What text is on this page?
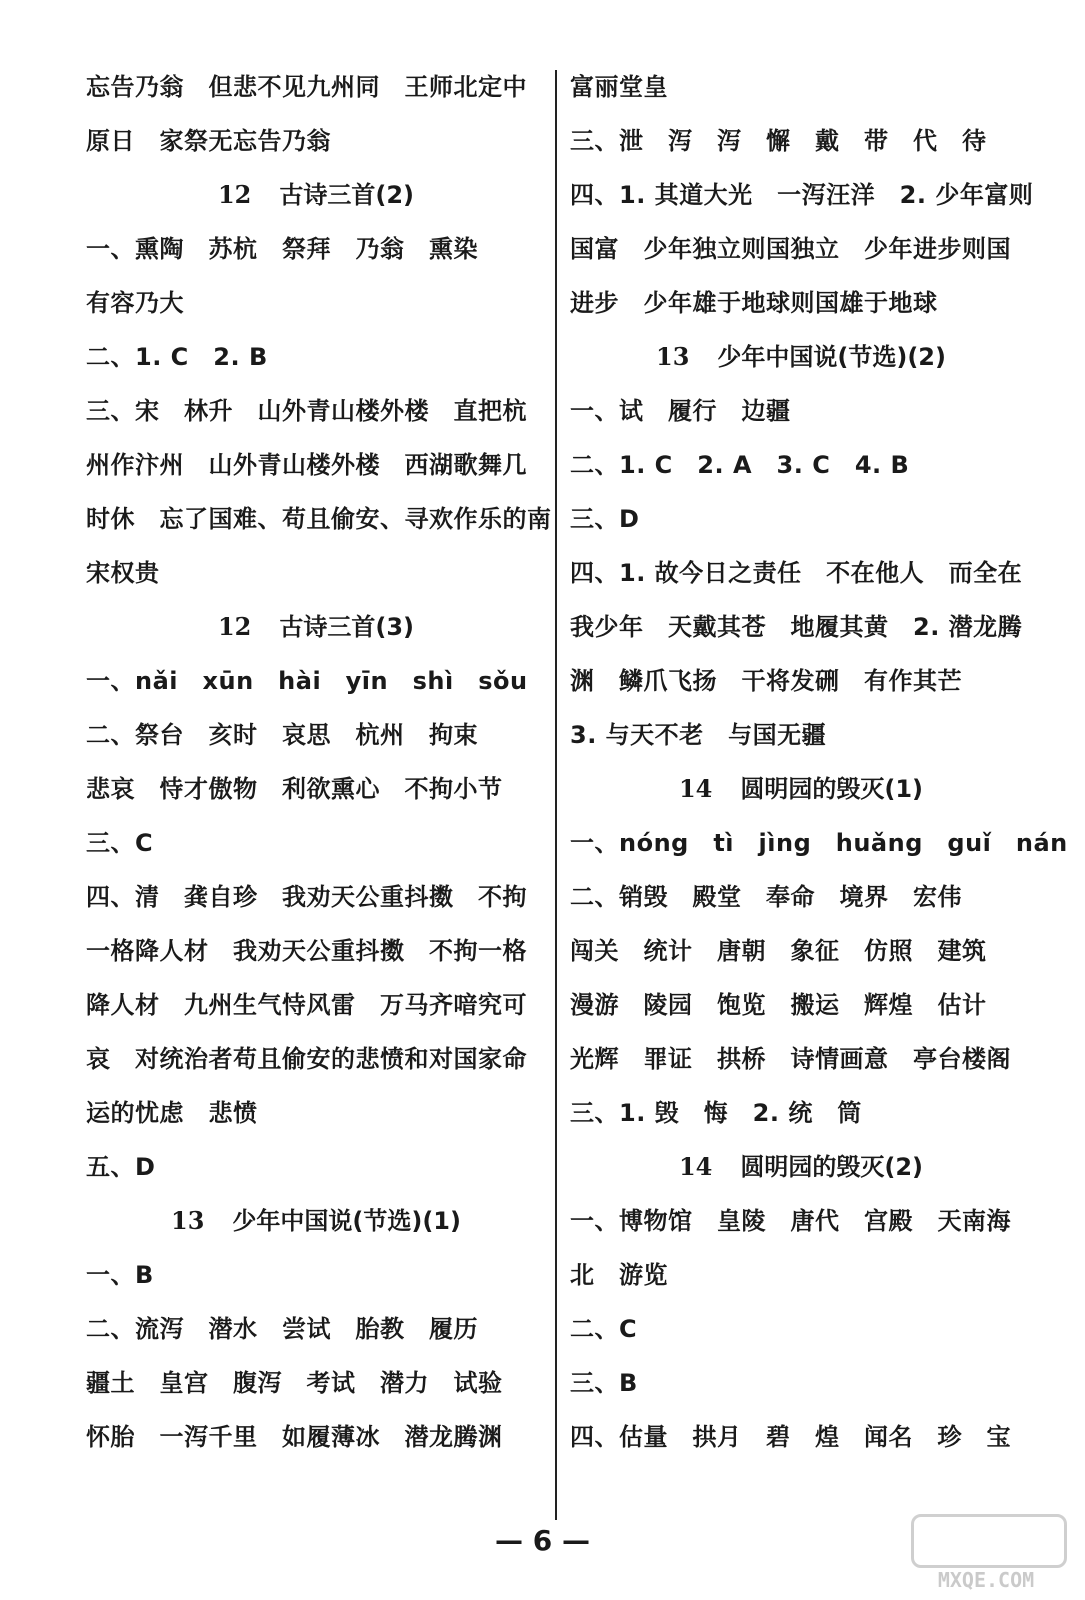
忘告乃翁　但悲不见九州同　王师北定中
原日　家祭无忘告乃翁
12 古诗三首(2)
一、熏陶　苏杭　祭拜　乃翁　熏染
有容乃大
二、1. C　2. B
三、宋　林升　山外青山楼外楼　直把杭
州作汴州　山外青山楼外楼　西湖歌舞几
时休　忘了国难、苟且偷安、寻欢作乐的南
宋权贵
12 古诗三首(3)
一、nǎi　xūn　hài　yīn　shì　sǒu
二、祭台　亥时　哀思　杭州　拘束
悲哀　恃才傲物　利欲熏心　不拘小节
三、C
四、清　龚自珍　我劝天公重抖擞　不拘
一格降人材　我劝天公重抖擞　不拘一格
降人材　九州生气恃风雷　万马齐喑究可
哀　对统治者苟且偷安的悲愤和对国家命
运的忧虑　悲愤
五、D
13 少年中国说(节选)(1)
一、B
二、流泻　潜水　尝试　胎教　履历
疆土　皇宫　腹泻　考试　潜力　试验
怀胎　一泻千里　如履薄冰　潜龙腾渊
富丽堂皇
三、泄　泻　泻　懈　戴　带　代　待
四、1. 其道大光　一泻汪洋　2. 少年富则
国富　少年独立则国独立　少年进步则国
进步　少年雄于地球则国雄于地球
13 少年中国说(节选)(2)
一、试　履行　边疆
二、1. C　2. A　3. C　4. B
三、D
四、1. 故今日之责任　不在他人　而全在
我少年　天戴其苍　地履其黄　2. 潜龙腾
渊　鳞爪飞扬　干将发硎　有作其芒
3. 与天不老　与国无疆
14 圆明园的毁灭(1)
一、nóng　tì　jìng　huǎng　guǐ　nán
二、销毁　殿堂　奉命　境界　宏伟
闯关　统计　唐朝　象征　仿照　建筑
漫游　陵园　饱览　搬运　辉煌　估计
光辉　罪证　拱桥　诗情画意　亭台楼阁
三、1. 毁　悔　2. 统　筒
14 圆明园的毁灭(2)
一、博物馆　皇陵　唐代　宫殿　天南海
北　游览
二、C
三、B
四、估量　拱月　碧　煌　闻名　珍　宝
— 6 —
MXQE.COM
